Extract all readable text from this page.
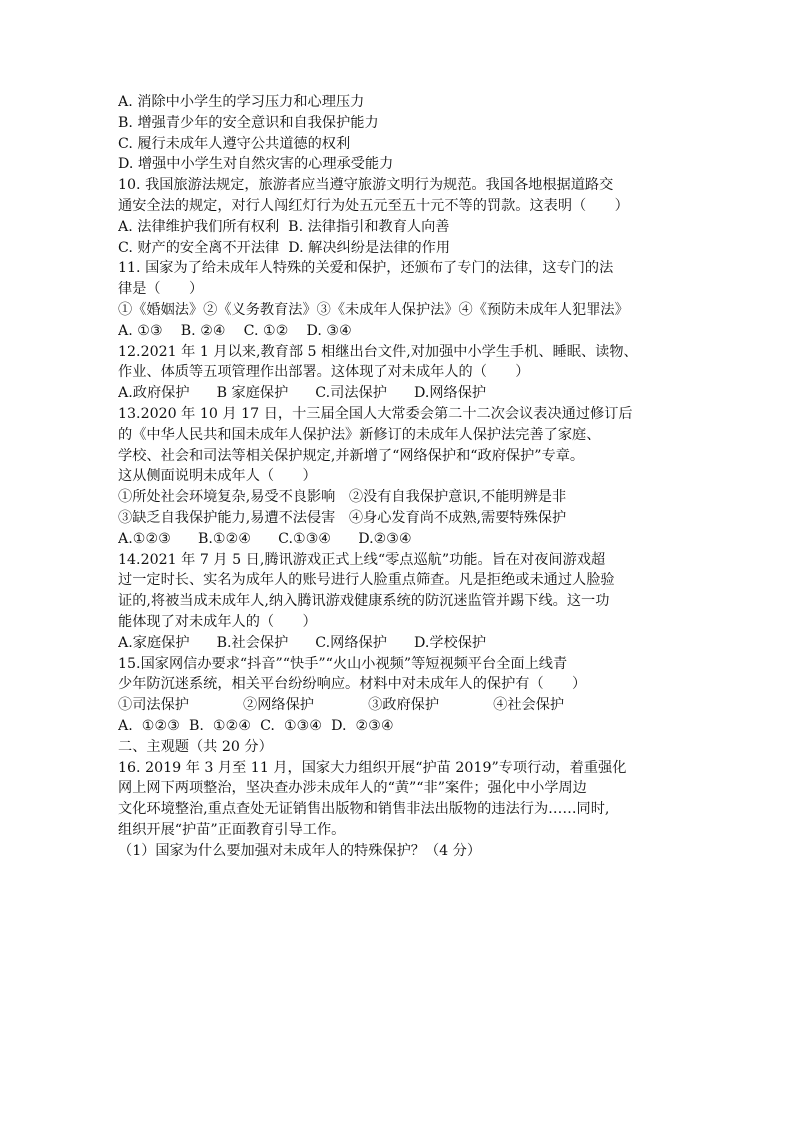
A. 消除中小学生的学习压力和心理压力
B. 增强青少年的安全意识和自我保护能力
C. 履行未成年人遵守公共道德的权利
D. 增强中小学生对自然灾害的心理承受能力
10. 我国旅游法规定，旅游者应当遵守旅游文明行为规范。我国各地根据道路交
通安全法的规定，对行人闯红灯行为处五元至五十元不等的罚款。这表明（　　）
A. 法律维护我们所有权利  B. 法律指引和教育人向善
C. 财产的安全离不开法律  D. 解决纠纷是法律的作用
11. 国家为了给未成年人特殊的关爱和保护，还颁布了专门的法律，这专门的法
律是（　　）
①《婚姻法》②《义务教育法》③《未成年人保护法》④《预防未成年人犯罪法》
A. ①③    B. ②④    C. ①②    D. ③④
12.2021 年 1 月以来,教育部 5 相继出台文件,对加强中小学生手机、睡眠、读物、
作业、体质等五项管理作出部署。这体现了对未成年人的（　　）
A.政府保护      B 家庭保护      C.司法保护      D.网络保护
13.2020 年 10 月 17 日，十三届全国人大常委会第二十二次会议表决通过修订后
的《中华人民共和国未成年人保护法》新修订的未成年人保护法完善了家庭、
学校、社会和司法等相关保护规定,并新增了“网络保护和“政府保护”专章。
这从侧面说明未成年人（　　）
①所处社会环境复杂,易受不良影响   ②没有自我保护意识,不能明辨是非
③缺乏自我保护能力,易遭不法侵害   ④身心发育尚不成熟,需要特殊保护
A.①②③      B.①②④      C.①③④      D.②③④
14.2021 年 7 月 5 日,腾讯游戏正式上线“零点巡航”功能。旨在对夜间游戏超
过一定时长、实名为成年人的账号进行人脸重点筛查。凡是拒绝或未通过人脸验
证的,将被当成未成年人,纳入腾讯游戏健康系统的防沉迷监管并踢下线。这一功
能体现了对未成年人的（　　）
A.家庭保护      B.社会保护      C.网络保护      D.学校保护
15.国家网信办要求“抖音”“快手”“火山小视频”等短视频平台全面上线青
少年防沉迷系统，相关平台纷纷响应。材料中对未成年人的保护有（　　）
①司法保护            ②网络保护            ③政府保护            ④社会保护
A.  ①②③  B.  ①②④  C.  ①③④  D.  ②③④
二、主观题（共 20 分）
16. 2019 年 3 月至 11 月，国家大力组织开展“护苗 2019”专项行动，着重强化
网上网下两项整治，坚决查办涉未成年人的“黄”“非”案件；强化中小学周边
文化环境整治,重点查处无证销售出版物和销售非法出版物的违法行为……同时,
组织开展“护苗”正面教育引导工作。
（1）国家为什么要加强对未成年人的特殊保护？（4 分）
